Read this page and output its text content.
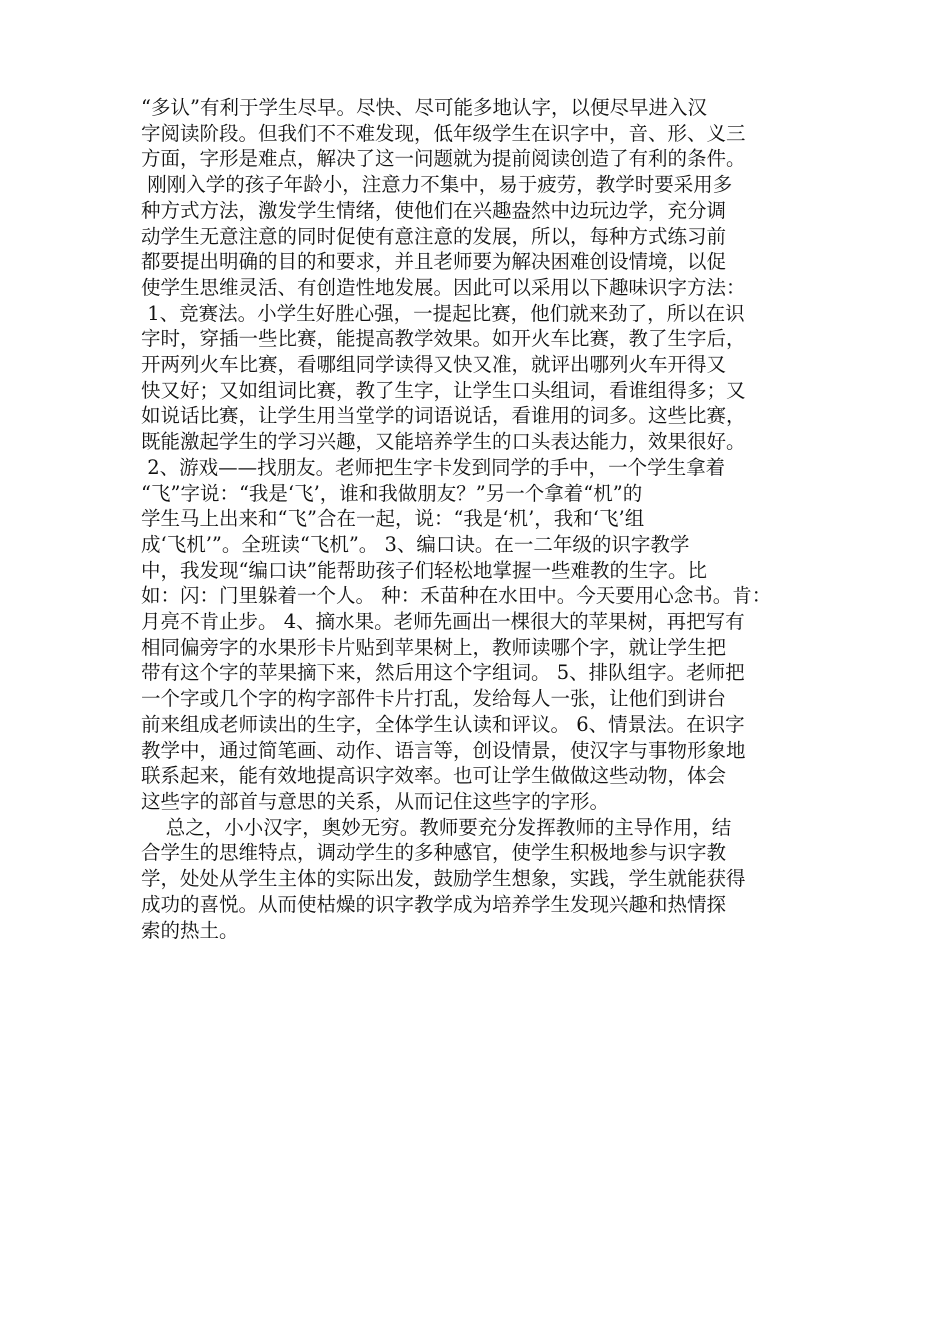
“多认”有利于学生尽早。尽快、尽可能多地认字，以便尽早进入汉
字阅读阶段。但我们不不难发现，低年级学生在识字中，音、形、义三
方面，字形是难点，解决了这一问题就为提前阅读创造了有利的条件。
刚刚入学的孩子年龄小，注意力不集中，易于疲劳，教学时要采用多
种方式方法，激发学生情绪，使他们在兴趣盎然中边玩边学，充分调
动学生无意注意的同时促使有意注意的发展，所以，每种方式练习前
都要提出明确的目的和要求，并且老师要为解决困难创设情境，以促
使学生思维灵活、有创造性地发展。因此可以采用以下趣味识字方法：
1、竞赛法。小学生好胜心强，一提起比赛，他们就来劲了，所以在识
字时，穿插一些比赛，能提高教学效果。如开火车比赛，教了生字后，
开两列火车比赛，看哪组同学读得又快又准，就评出哪列火车开得又
快又好；又如组词比赛，教了生字，让学生口头组词，看谁组得多；又
如说话比赛，让学生用当堂学的词语说话，看谁用的词多。这些比赛，
既能激起学生的学习兴趣，又能培养学生的口头表达能力，效果很好。
2、游戏——找朋友。老师把生字卡发到同学的手中，一个学生拿着
“飞”字说：“我是‘飞’，谁和我做朋友？”另一个拿着“机”的
学生马上出来和“飞”合在一起，说：“我是‘机’，我和‘飞’组
成‘飞机’”。全班读“飞机”。 3、编口诀。在一二年级的识字教学
中，我发现“编口诀”能帮助孩子们轻松地掌握一些难教的生字。比
如：闪：门里躲着一个人。 种：禾苗种在水田中。今天要用心念书。肯：
月亮不肯止步。 4、摘水果。老师先画出一棵很大的苹果树，再把写有
相同偏旁字的水果形卡片贴到苹果树上，教师读哪个字，就让学生把
带有这个字的苹果摘下来，然后用这个字组词。 5、排队组字。老师把
一个字或几个字的构字部件卡片打乱，发给每人一张，让他们到讲台
前来组成老师读出的生字，全体学生认读和评议。 6、情景法。在识字
教学中，通过简笔画、动作、语言等，创设情景，使汉字与事物形象地
联系起来，能有效地提高识字效率。也可让学生做做这些动物，体会
这些字的部首与意思的关系，从而记住这些字的字形。
总之，小小汉字，奥妙无穷。教师要充分发挥教师的主导作用，结
合学生的思维特点，调动学生的多种感官，使学生积极地参与识字教
学，处处从学生主体的实际出发，鼓励学生想象，实践，学生就能获得
成功的喜悦。从而使枯燥的识字教学成为培养学生发现兴趣和热情探
索的热土。
